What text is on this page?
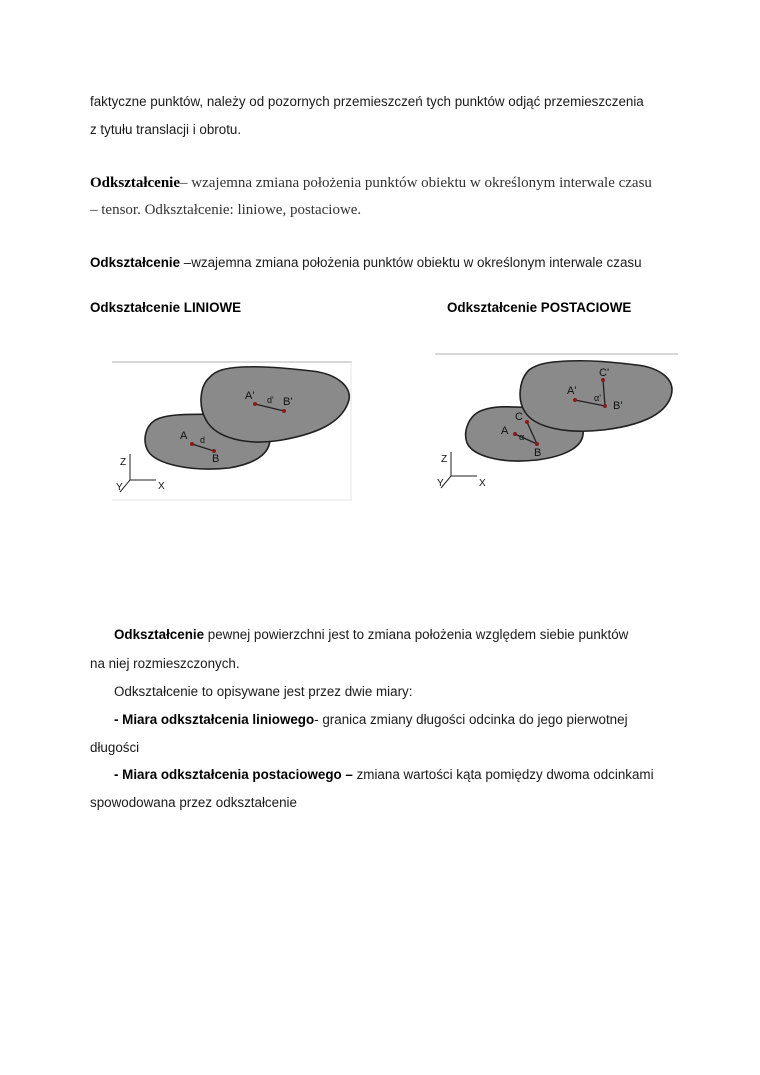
faktyczne punktów, należy od pozornych przemieszczeń tych punktów odjąć przemieszczenia
z tytułu translacji i obrotu.
Odkształcenie– wzajemna zmiana położenia punktów obiektu w określonym interwale czasu
– tensor. Odkształcenie: liniowe, postaciowe.
Odkształcenie –wzajemna zmiana położenia punktów obiektu w określonym interwale czasu
Odkształcenie LINIOWE	Odkształcenie POSTACIOWE
A
B
d
A'	B'
d'
Z
X
Y
A
B
C
α
A'
B'
C'
α'
Z
X
Y
Odkształcenie pewnej powierzchni jest to zmiana położenia względem siebie punktów
na niej rozmieszczonych.
Odkształcenie to opisywane jest przez dwie miary:
- Miara odkształcenia liniowego- granica zmiany długości odcinka do jego pierwotnej
długości
- Miara odkształcenia postaciowego – zmiana wartości kąta pomiędzy dwoma odcinkami
spowodowana przez odkształcenie
